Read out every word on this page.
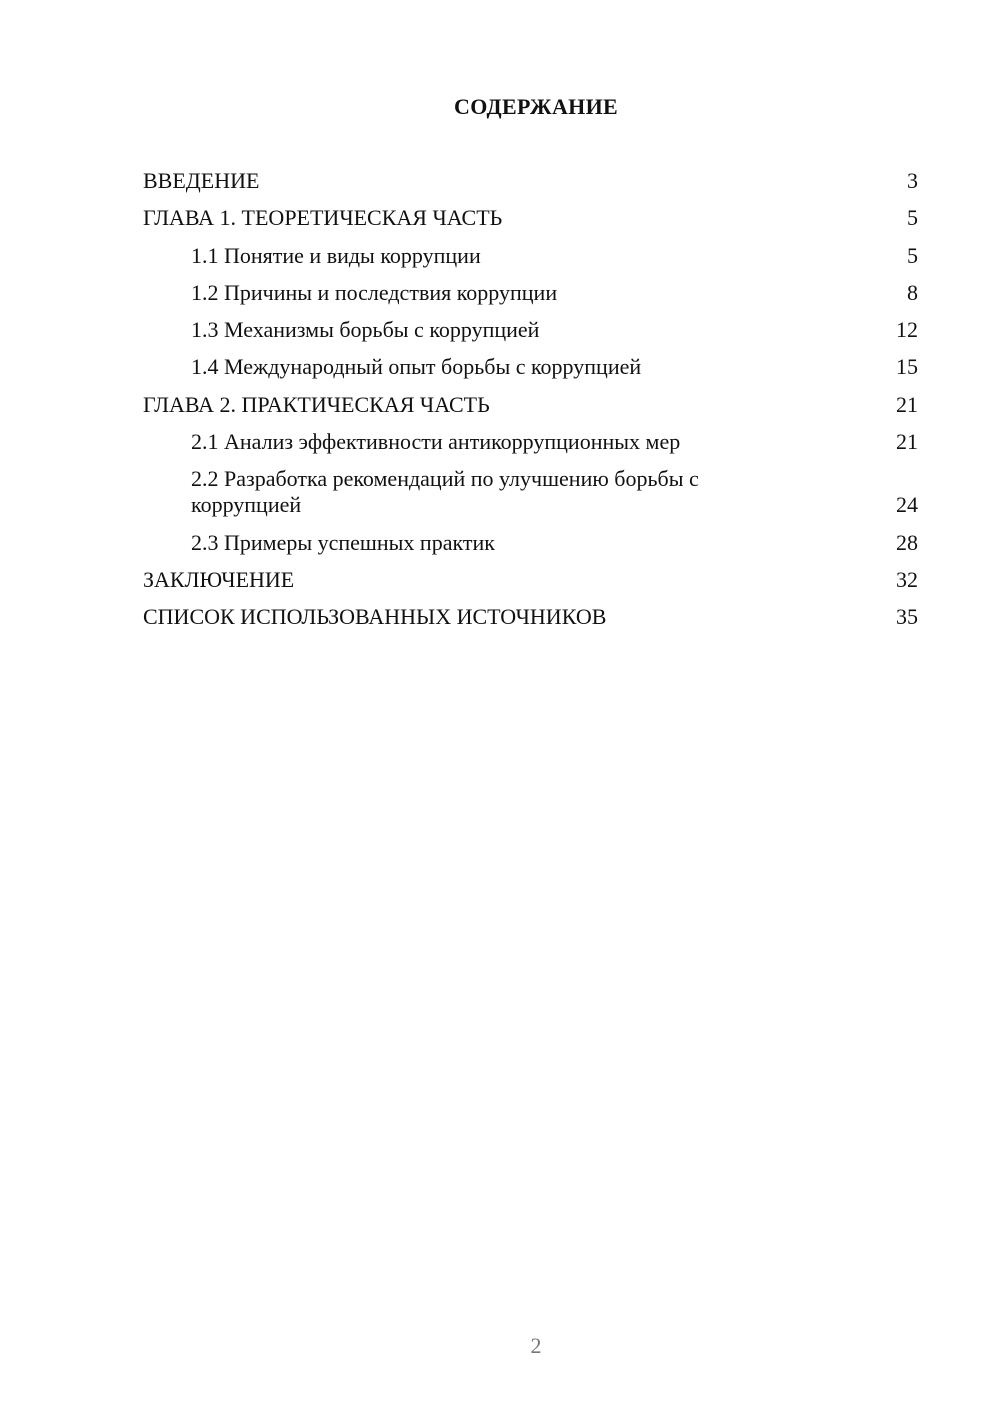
СОДЕРЖАНИЕ
ВВЕДЕНИЕ	3
ГЛАВА 1. ТЕОРЕТИЧЕСКАЯ ЧАСТЬ	5
1.1 Понятие и виды коррупции	5
1.2 Причины и последствия коррупции	8
1.3 Механизмы борьбы с коррупцией	12
1.4 Международный опыт борьбы с коррупцией	15
ГЛАВА 2. ПРАКТИЧЕСКАЯ ЧАСТЬ	21
2.1 Анализ эффективности антикоррупционных мер	21
2.2 Разработка рекомендаций по улучшению борьбы с коррупцией	24
2.3 Примеры успешных практик	28
ЗАКЛЮЧЕНИЕ	32
СПИСОК ИСПОЛЬЗОВАННЫХ ИСТОЧНИКОВ	35
2
